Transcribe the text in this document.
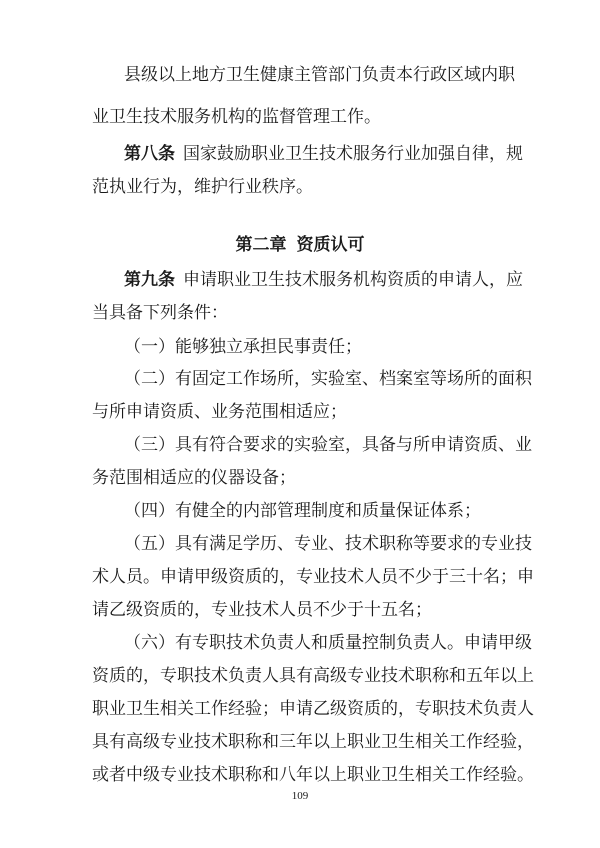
县级以上地方卫生健康主管部门负责本行政区域内职
业卫生技术服务机构的监督管理工作。
第八条 国家鼓励职业卫生技术服务行业加强自律，规
范执业行为，维护行业秩序。
第二章 资质认可
第九条 申请职业卫生技术服务机构资质的申请人，应
当具备下列条件：
（一）能够独立承担民事责任；
（二）有固定工作场所，实验室、档案室等场所的面积
与所申请资质、业务范围相适应；
（三）具有符合要求的实验室，具备与所申请资质、业
务范围相适应的仪器设备；
（四）有健全的内部管理制度和质量保证体系；
（五）具有满足学历、专业、技术职称等要求的专业技
术人员。申请甲级资质的，专业技术人员不少于三十名；申
请乙级资质的，专业技术人员不少于十五名；
（六）有专职技术负责人和质量控制负责人。申请甲级
资质的，专职技术负责人具有高级专业技术职称和五年以上
职业卫生相关工作经验；申请乙级资质的，专职技术负责人
具有高级专业技术职称和三年以上职业卫生相关工作经验，
或者中级专业技术职称和八年以上职业卫生相关工作经验。
109
